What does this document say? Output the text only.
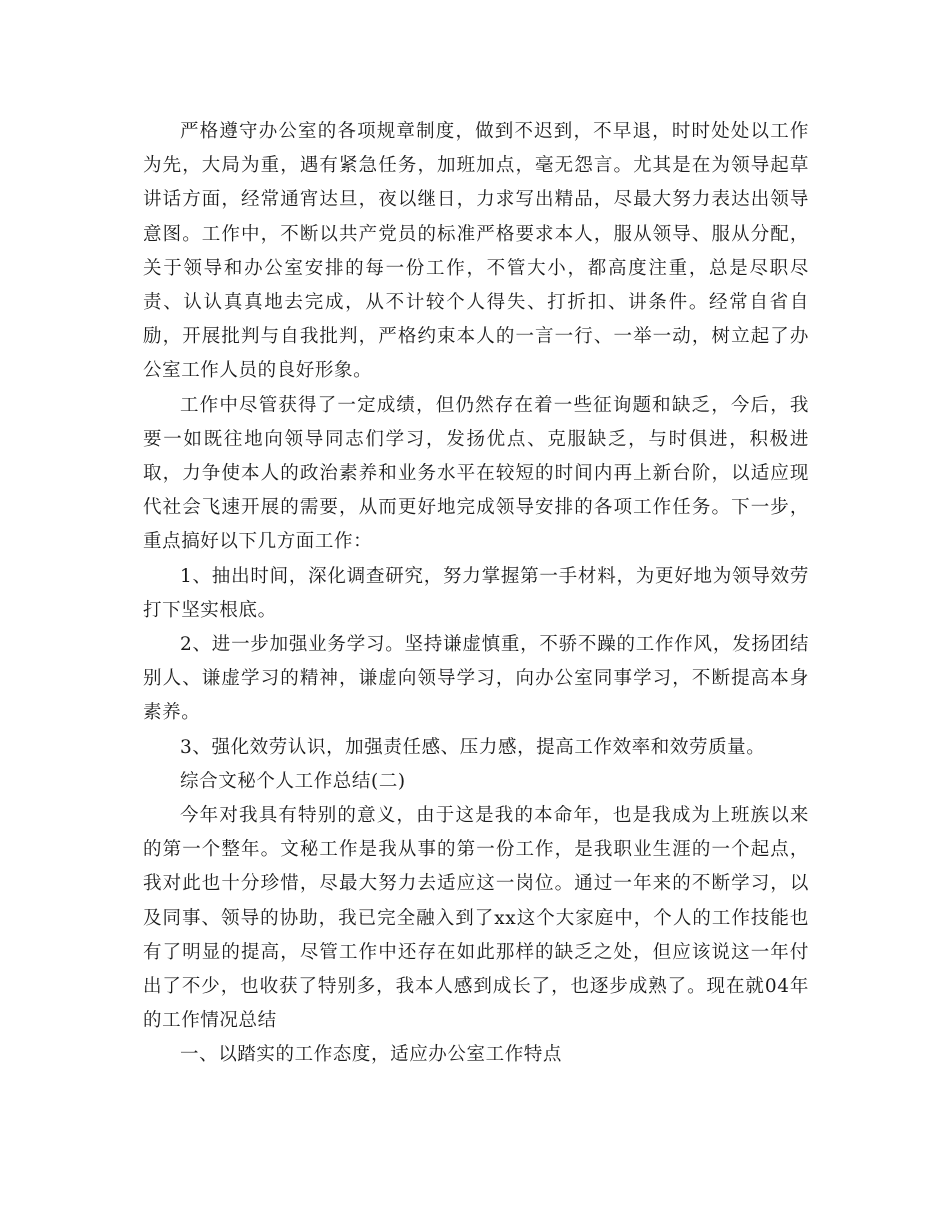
严格遵守办公室的各项规章制度，做到不迟到，不早退，时时处处以工作为先，大局为重，遇有紧急任务，加班加点，毫无怨言。尤其是在为领导起草讲话方面，经常通宵达旦，夜以继日，力求写出精品，尽最大努力表达出领导意图。工作中，不断以共产党员的标准严格要求本人，服从领导、服从分配，关于领导和办公室安排的每一份工作，不管大小，都高度注重，总是尽职尽责、认认真真地去完成，从不计较个人得失、打折扣、讲条件。经常自省自励，开展批判与自我批判，严格约束本人的一言一行、一举一动，树立起了办公室工作人员的良好形象。

工作中尽管获得了一定成绩，但仍然存在着一些征询题和缺乏，今后，我要一如既往地向领导同志们学习，发扬优点、克服缺乏，与时俱进，积极进取，力争使本人的政治素养和业务水平在较短的时间内再上新台阶，以适应现代社会飞速开展的需要，从而更好地完成领导安排的各项工作任务。下一步，重点搞好以下几方面工作：

1、抽出时间，深化调查研究，努力掌握第一手材料，为更好地为领导效劳打下坚实根底。

2、进一步加强业务学习。坚持谦虚慎重，不骄不躁的工作作风，发扬团结别人、谦虚学习的精神，谦虚向领导学习，向办公室同事学习，不断提高本身素养。

3、强化效劳认识，加强责任感、压力感，提高工作效率和效劳质量。

综合文秘个人工作总结(二)

今年对我具有特别的意义，由于这是我的本命年，也是我成为上班族以来的第一个整年。文秘工作是我从事的第一份工作，是我职业生涯的一个起点，我对此也十分珍惜，尽最大努力去适应这一岗位。通过一年来的不断学习，以及同事、领导的协助，我已完全融入到了xx这个大家庭中，个人的工作技能也有了明显的提高，尽管工作中还存在如此那样的缺乏之处，但应该说这一年付出了不少，也收获了特别多，我本人感到成长了，也逐步成熟了。现在就04年的工作情况总结

一、以踏实的工作态度，适应办公室工作特点
